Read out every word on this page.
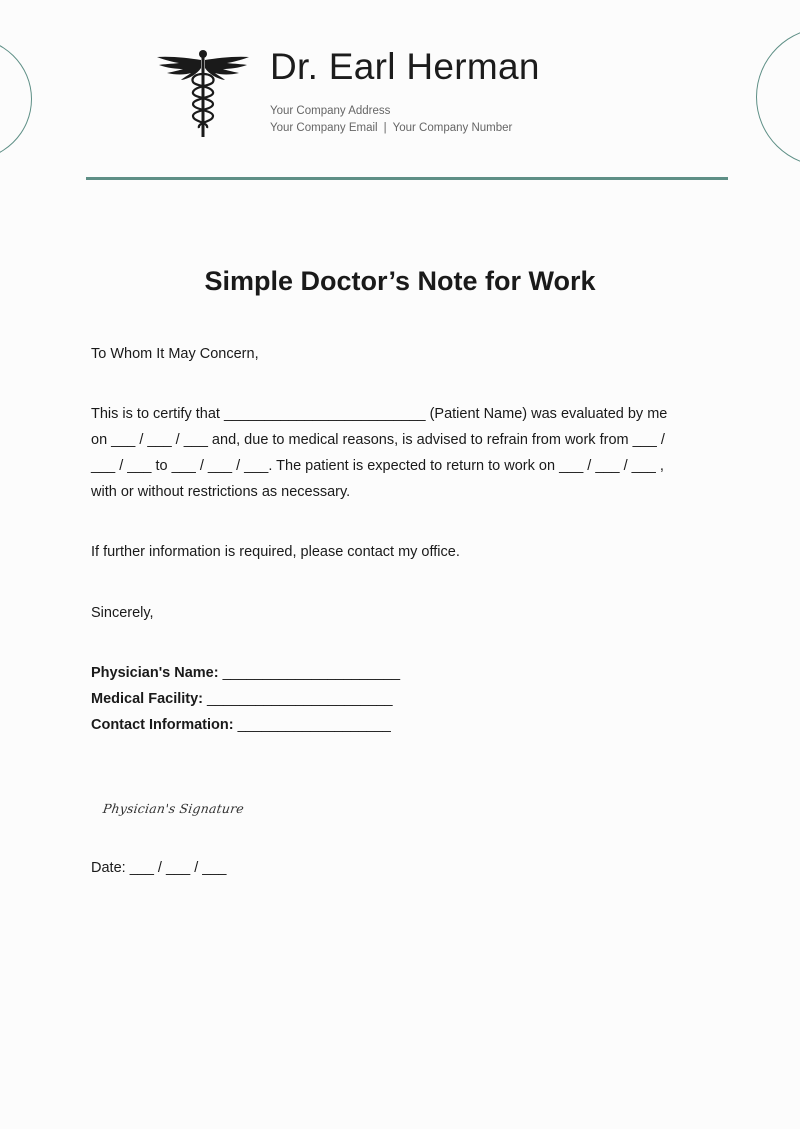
Dr. Earl Herman
Your Company Address
Your Company Email | Your Company Number
Simple Doctor’s Note for Work
To Whom It May Concern,
This is to certify that _________________________ (Patient Name) was evaluated by me
on ___ / ___ / ___ and, due to medical reasons, is advised to refrain from work from ___ /
___ / ___ to ___ / ___ / ___. The patient is expected to return to work on ___ / ___ / ___ ,
with or without restrictions as necessary.
If further information is required, please contact my office.
Sincerely,
Physician's Name: ______________________
Medical Facility: _______________________
Contact Information: ___________________
Physician's Signature
Date: ___ / ___ / ___
